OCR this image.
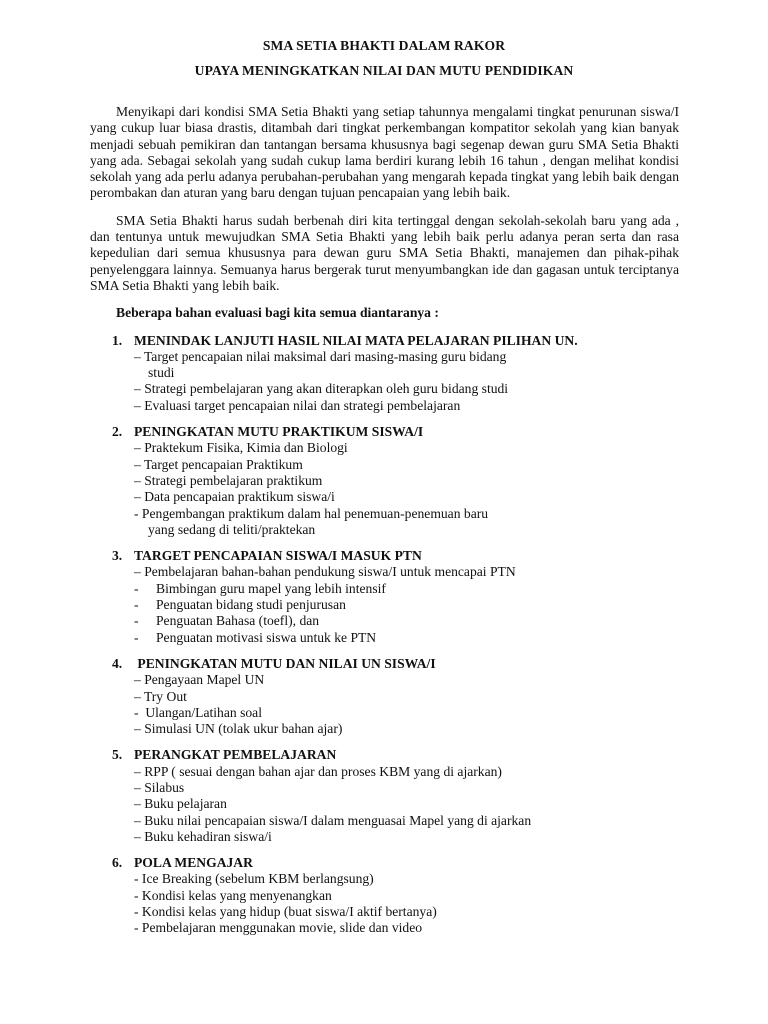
SMA SETIA BHAKTI DALAM RAKOR
UPAYA MENINGKATKAN NILAI DAN MUTU PENDIDIKAN

Menyikapi dari kondisi SMA Setia Bhakti yang setiap tahunnya mengalami tingkat penurunan siswa/I yang cukup luar biasa drastis, ditambah dari tingkat perkembangan kompatitor sekolah yang kian banyak menjadi sebuah pemikiran dan tantangan bersama khususnya bagi segenap dewan guru SMA Setia Bhakti yang ada. Sebagai sekolah yang sudah cukup lama berdiri kurang lebih 16 tahun , dengan melihat kondisi sekolah yang ada perlu adanya perubahan-perubahan yang mengarah kepada tingkat yang lebih baik dengan perombakan dan aturan yang baru dengan tujuan pencapaian yang lebih baik.

SMA Setia Bhakti harus sudah berbenah diri kita tertinggal dengan sekolah-sekolah baru yang ada , dan tentunya untuk mewujudkan SMA Setia Bhakti yang lebih baik perlu adanya peran serta dan rasa kepedulian dari semua khususnya para dewan guru SMA Setia Bhakti, manajemen dan pihak-pihak penyelenggara lainnya. Semuanya harus bergerak turut menyumbangkan ide dan gagasan untuk terciptanya SMA Setia Bhakti yang lebih baik.

Beberapa bahan evaluasi bagi kita semua diantaranya :
1. MENINDAK LANJUTI HASIL NILAI MATA PELAJARAN PILIHAN UN.
– Target pencapaian nilai maksimal dari masing-masing guru bidang
studi
– Strategi pembelajaran yang akan diterapkan oleh guru bidang studi
– Evaluasi target pencapaian nilai dan strategi pembelajaran
2. PENINGKATAN MUTU PRAKTIKUM SISWA/I
– Praktekum Fisika, Kimia dan Biologi
– Target pencapaian Praktikum
– Strategi pembelajaran praktikum
– Data pencapaian praktikum siswa/i
- Pengembangan praktikum dalam hal penemuan-penemuan baru
yang sedang di teliti/praktekan
3. TARGET PENCAPAIAN SISWA/I MASUK PTN
– Pembelajaran bahan-bahan pendukung siswa/I untuk mencapai PTN
-	Bimbingan guru mapel yang lebih intensif
-	Penguatan bidang studi penjurusan
-	Penguatan Bahasa (toefl), dan
-	Penguatan motivasi siswa untuk ke PTN
4. PENINGKATAN MUTU DAN NILAI UN SISWA/I
– Pengayaan Mapel UN
– Try Out
-  Ulangan/Latihan soal
– Simulasi UN (tolak ukur bahan ajar)
5. PERANGKAT PEMBELAJARAN
– RPP ( sesuai dengan bahan ajar dan proses KBM yang di ajarkan)
– Silabus
– Buku pelajaran
– Buku nilai pencapaian siswa/I dalam menguasai Mapel yang di ajarkan
– Buku kehadiran siswa/i
6. POLA MENGAJAR
- Ice Breaking (sebelum KBM berlangsung)
- Kondisi kelas yang menyenangkan
- Kondisi kelas yang hidup (buat siswa/I aktif bertanya)
- Pembelajaran menggunakan movie, slide dan video
